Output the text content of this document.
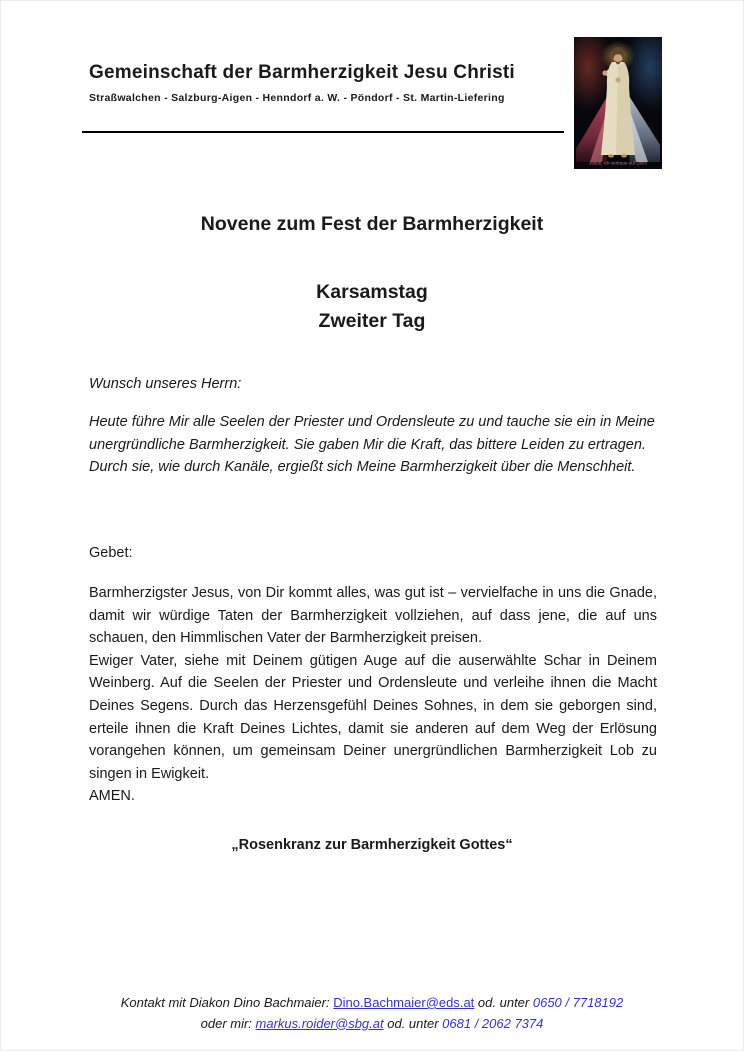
Gemeinschaft der Barmherzigkeit Jesu Christi
Straßwalchen - Salzburg-Aigen - Henndorf a. W. - Pöndorf - St. Martin-Liefering
Jesus, ich vertraue auf Dich!
Novene zum Fest der Barmherzigkeit
Karsamstag
Zweiter Tag
Wunsch unseres Herrn:
Heute führe Mir alle Seelen der Priester und Ordensleute zu und tauche sie ein in Meine unergründliche Barmherzigkeit. Sie gaben Mir die Kraft, das bittere Leiden zu ertragen. Durch sie, wie durch Kanäle, ergießt sich Meine Barmherzigkeit über die Menschheit.
Gebet:

Barmherzigster Jesus, von Dir kommt alles, was gut ist – vervielfache in uns die Gnade, damit wir würdige Taten der Barmherzigkeit vollziehen, auf dass jene, die auf uns schauen, den Himmlischen Vater der Barmherzigkeit preisen.

Ewiger Vater, siehe mit Deinem gütigen Auge auf die auserwählte Schar in Deinem Weinberg. Auf die Seelen der Priester und Ordensleute und verleihe ihnen die Macht Deines Segens. Durch das Herzensgefühl Deines Sohnes, in dem sie geborgen sind, erteile ihnen die Kraft Deines Lichtes, damit sie anderen auf dem Weg der Erlösung vorangehen können, um gemeinsam Deiner unergründlichen Barmherzigkeit Lob zu singen in Ewigkeit.

AMEN.

„Rosenkranz zur Barmherzigkeit Gottes“
Kontakt mit Diakon Dino Bachmaier: Dino.Bachmaier@eds.at od. unter 0650 / 7718192
oder mir: markus.roider@sbg.at od. unter 0681 / 2062 7374
